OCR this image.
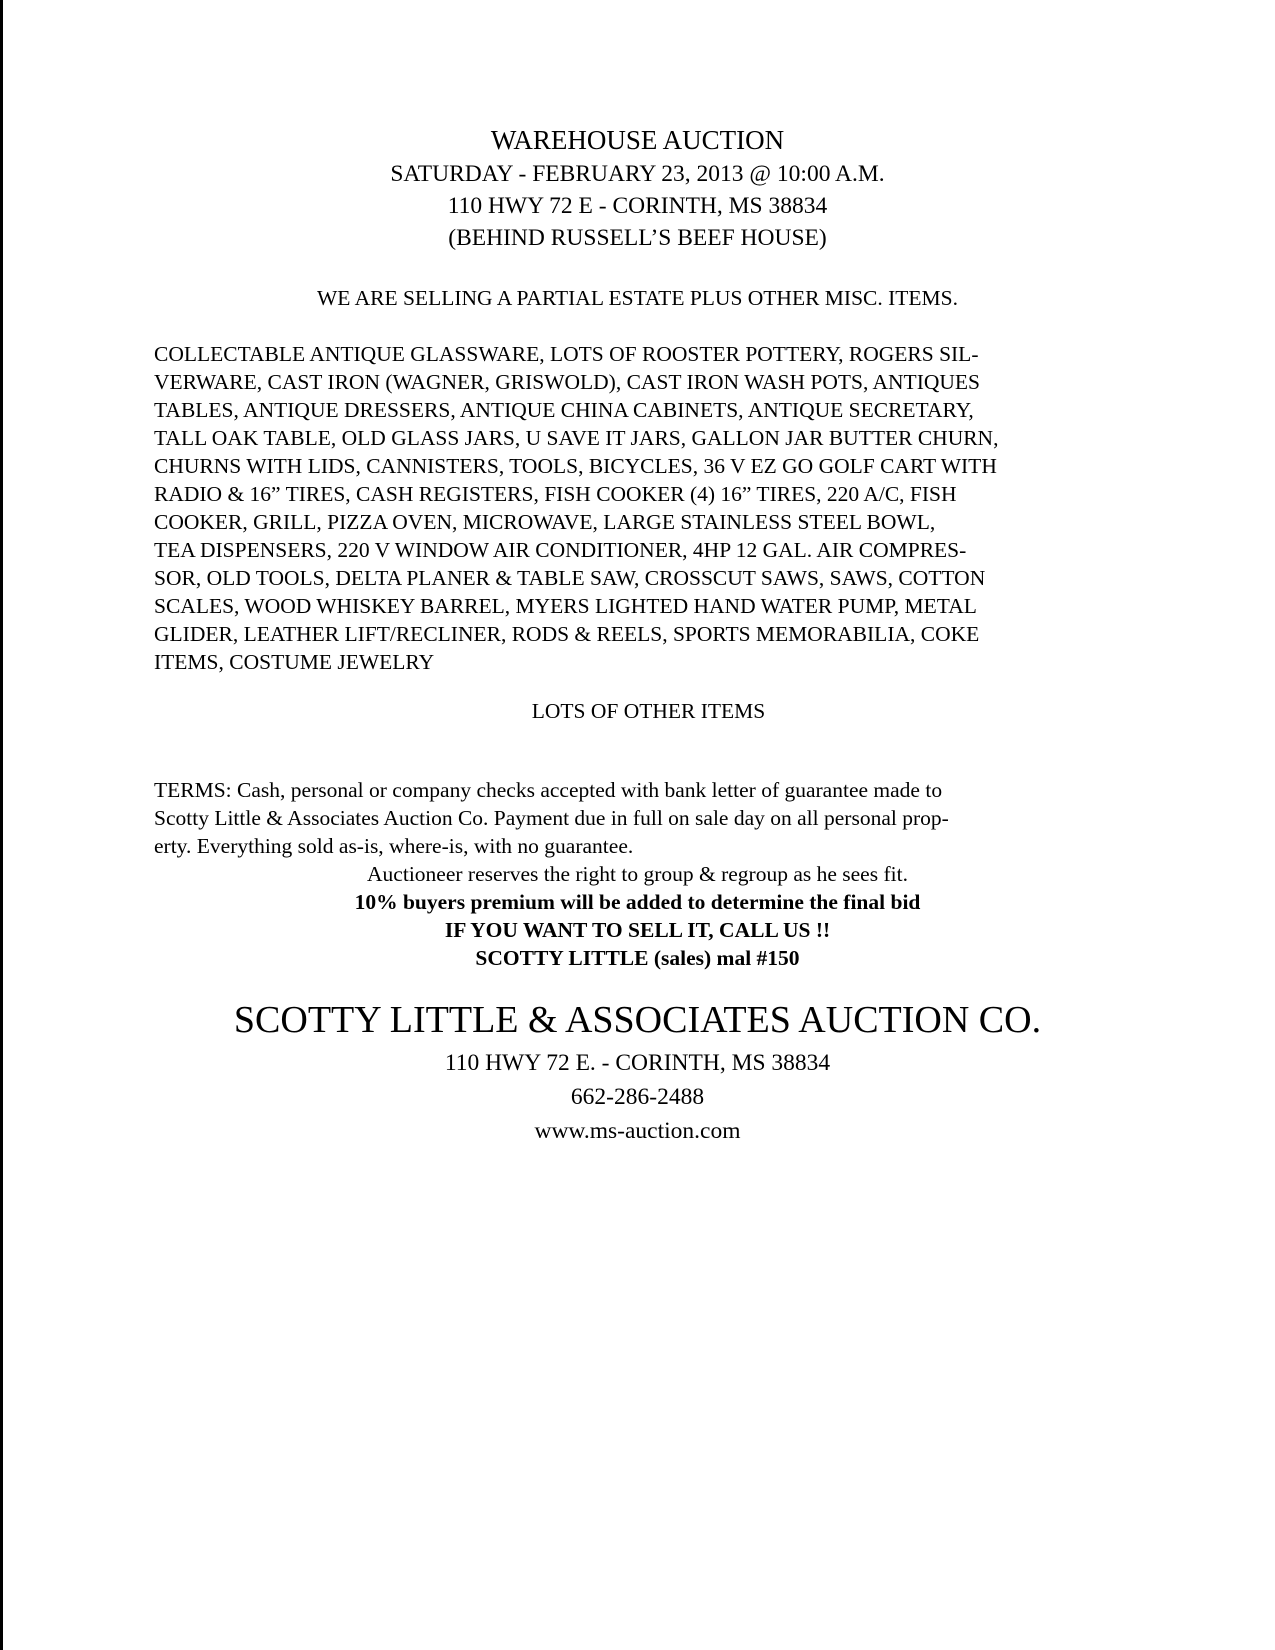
WAREHOUSE AUCTION

SATURDAY - FEBRUARY 23, 2013 @ 10:00 A.M.

110 HWY 72 E - CORINTH, MS 38834

(BEHIND RUSSELL’S BEEF HOUSE)

WE ARE SELLING A PARTIAL ESTATE PLUS OTHER MISC. ITEMS.

COLLECTABLE ANTIQUE GLASSWARE, LOTS OF ROOSTER POTTERY, ROGERS SIL-
VERWARE, CAST IRON (WAGNER, GRISWOLD), CAST IRON WASH POTS, ANTIQUES
TABLES, ANTIQUE DRESSERS, ANTIQUE CHINA CABINETS, ANTIQUE SECRETARY,
TALL OAK TABLE, OLD GLASS JARS, U SAVE IT JARS, GALLON JAR BUTTER CHURN,
CHURNS WITH LIDS, CANNISTERS, TOOLS, BICYCLES, 36 V EZ GO GOLF CART WITH
RADIO & 16” TIRES, CASH REGISTERS, FISH COOKER (4) 16” TIRES, 220 A/C, FISH
COOKER, GRILL, PIZZA OVEN, MICROWAVE, LARGE STAINLESS STEEL BOWL,
TEA DISPENSERS, 220 V WINDOW AIR CONDITIONER, 4HP 12 GAL. AIR COMPRES-
SOR, OLD TOOLS, DELTA PLANER & TABLE SAW, CROSSCUT SAWS, SAWS, COTTON
SCALES, WOOD WHISKEY BARREL, MYERS LIGHTED HAND WATER PUMP, METAL
GLIDER, LEATHER LIFT/RECLINER, RODS & REELS, SPORTS MEMORABILIA, COKE
ITEMS, COSTUME JEWELRY

LOTS OF OTHER ITEMS

TERMS: Cash, personal or company checks accepted with bank letter of guarantee made to
Scotty Little & Associates Auction Co. Payment due in full on sale day on all personal prop-
erty. Everything sold as-is, where-is, with no guarantee.

Auctioneer reserves the right to group & regroup as he sees fit.

10% buyers premium will be added to determine the final bid

IF YOU WANT TO SELL IT, CALL US !!

SCOTTY LITTLE (sales) mal #150

SCOTTY LITTLE & ASSOCIATES AUCTION CO.

110 HWY 72 E. - CORINTH, MS 38834

662-286-2488

www.ms-auction.com
